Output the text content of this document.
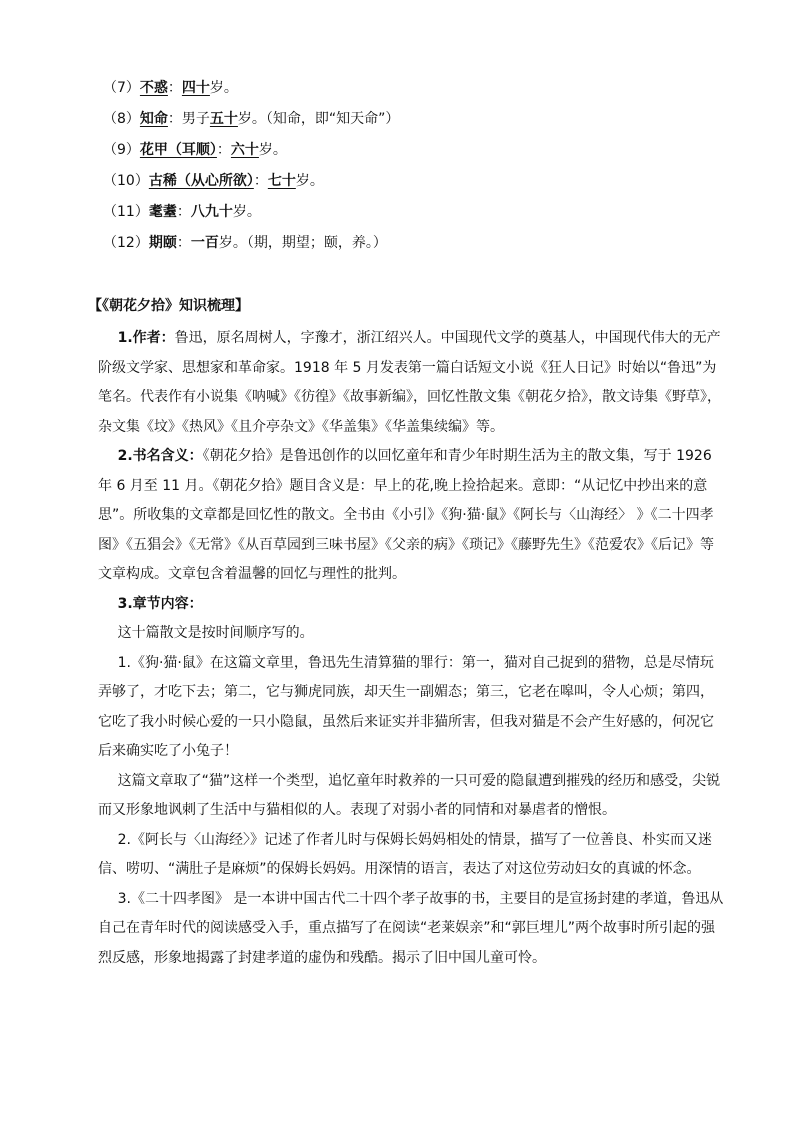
（7）不惑：四十岁。
（8）知命：男子五十岁。（知命，即“知天命”）
（9）花甲（耳顺）：六十岁。
（10）古稀（从心所欲）：七十岁。
（11）耄耋：八九十岁。
（12）期颐：一百岁。（期，期望；颐，养。）
【《朝花夕拾》知识梳理】

1.作者：鲁迅，原名周树人，字豫才，浙江绍兴人。中国现代文学的奠基人，中国现代伟大的无产阶级文学家、思想家和革命家。1918 年 5 月发表第一篇白话短文小说《狂人日记》时始以“鲁迅”为笔名。代表作有小说集《呐喊》《彷徨》《故事新编》，回忆性散文集《朝花夕拾》，散文诗集《野草》，杂文集《坟》《热风》《且介亭杂文》《华盖集》《华盖集续编》等。

2.书名含义：《朝花夕拾》是鲁迅创作的以回忆童年和青少年时期生活为主的散文集，写于 1926 年 6 月至 11 月。《朝花夕拾》题目含义是：早上的花,晚上捡拾起来。意即：“从记忆中抄出来的意思”。所收集的文章都是回忆性的散文。全书由《小引》《狗·猫·鼠》《阿长与〈山海经〉 》《二十四孝图》《五猖会》《无常》《从百草园到三味书屋》《父亲的病》《琐记》《藤野先生》《范爱农》《后记》等文章构成。文章包含着温馨的回忆与理性的批判。

3.章节内容：

这十篇散文是按时间顺序写的。

1.《狗·猫·鼠》在这篇文章里，鲁迅先生清算猫的罪行：第一，猫对自己捉到的猎物，总是尽情玩弄够了，才吃下去；第二，它与狮虎同族，却天生一副媚态；第三，它老在嗥叫，令人心烦；第四，它吃了我小时候心爱的一只小隐鼠，虽然后来证实并非猫所害，但我对猫是不会产生好感的，何况它后来确实吃了小兔子！

这篇文章取了“猫”这样一个类型，追忆童年时救养的一只可爱的隐鼠遭到摧残的经历和感受，尖锐而又形象地讽刺了生活中与猫相似的人。表现了对弱小者的同情和对暴虐者的憎恨。

2.《阿长与〈山海经〉》记述了作者儿时与保姆长妈妈相处的情景，描写了一位善良、朴实而又迷信、唠叨、“满肚子是麻烦”的保姆长妈妈。用深情的语言，表达了对这位劳动妇女的真诚的怀念。

3.《二十四孝图》 是一本讲中国古代二十四个孝子故事的书，主要目的是宣扬封建的孝道，鲁迅从自己在青年时代的阅读感受入手，重点描写了在阅读“老莱娱亲”和“郭巨埋儿”两个故事时所引起的强烈反感，形象地揭露了封建孝道的虚伪和残酷。揭示了旧中国儿童可怜。
